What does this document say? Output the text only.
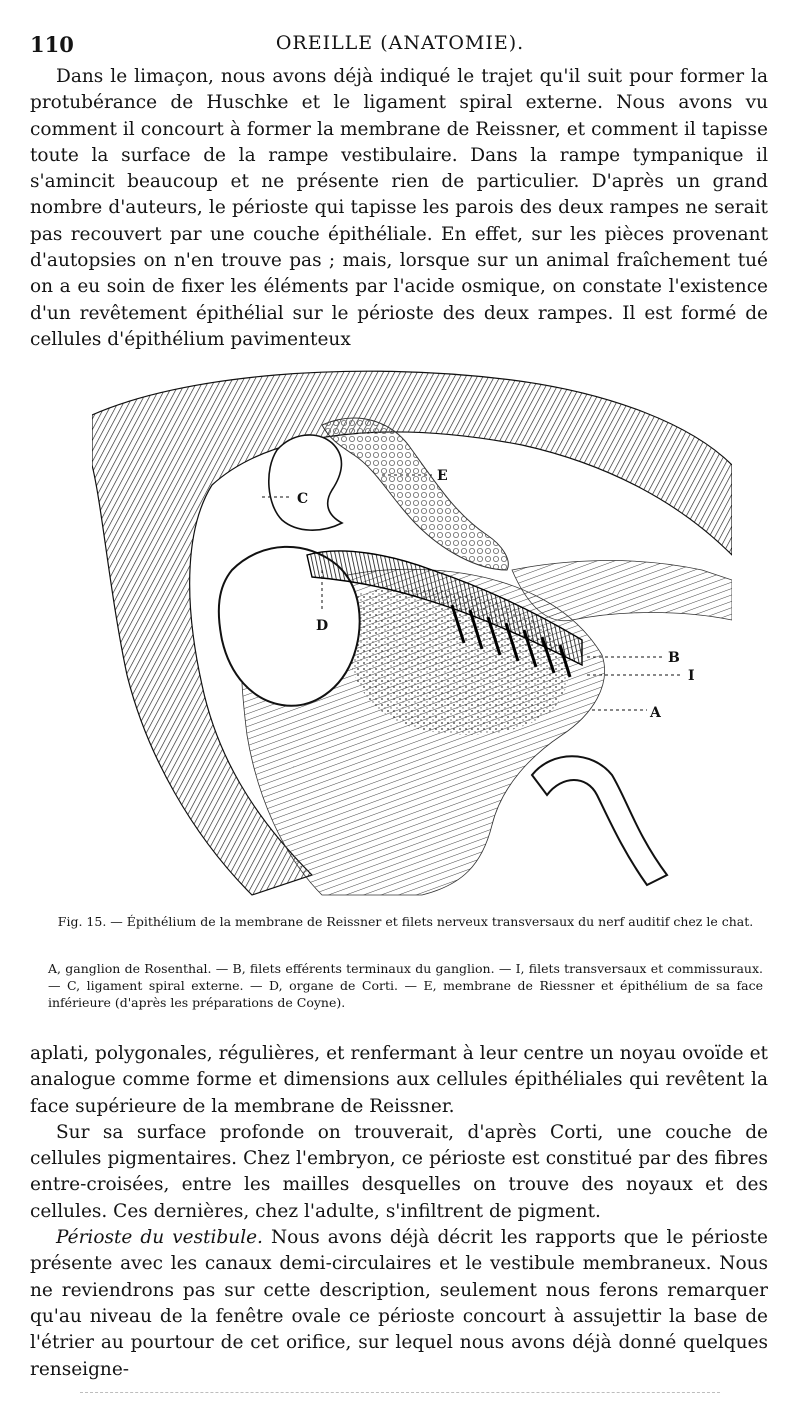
110	OREILLE (ANATOMIE).

Dans le limaçon, nous avons déjà indiqué le trajet qu'il suit pour former la protubérance de Huschke et le ligament spiral externe. Nous avons vu comment il concourt à former la membrane de Reissner, et comment il tapisse toute la surface de la rampe vestibulaire. Dans la rampe tympanique il s'amincit beaucoup et ne présente rien de particulier. D'après un grand nombre d'auteurs, le périoste qui tapisse les parois des deux rampes ne serait pas recouvert par une couche épithéliale. En effet, sur les pièces provenant d'autopsies on n'en trouve pas ; mais, lorsque sur un animal fraîchement tué on a eu soin de fixer les éléments par l'acide osmique, on constate l'existence d'un revêtement épithélial sur le périoste des deux rampes. Il est formé de cellules d'épithélium pavimenteux

E
C
D
B
I
A
Fig. 15. — Épithélium de la membrane de Reissner et filets nerveux transversaux du nerf auditif chez le chat.
A, ganglion de Rosenthal. — B, filets efférents terminaux du ganglion. — I, filets transversaux et commissuraux. — C, ligament spiral externe. — D, organe de Corti. — E, membrane de Riessner et épithélium de sa face inférieure (d'après les préparations de Coyne).

aplati, polygonales, régulières, et renfermant à leur centre un noyau ovoïde et analogue comme forme et dimensions aux cellules épithéliales qui revêtent la face supérieure de la membrane de Reissner.

Sur sa surface profonde on trouverait, d'après Corti, une couche de cellules pigmentaires. Chez l'embryon, ce périoste est constitué par des fibres entre-croisées, entre les mailles desquelles on trouve des noyaux et des cellules. Ces dernières, chez l'adulte, s'infiltrent de pigment.

Périoste du vestibule. Nous avons déjà décrit les rapports que le périoste présente avec les canaux demi-circulaires et le vestibule membraneux. Nous ne reviendrons pas sur cette description, seulement nous ferons remarquer qu'au niveau de la fenêtre ovale ce périoste concourt à assujettir la base de l'étrier au pourtour de cet orifice, sur lequel nous avons déjà donné quelques renseigne-
